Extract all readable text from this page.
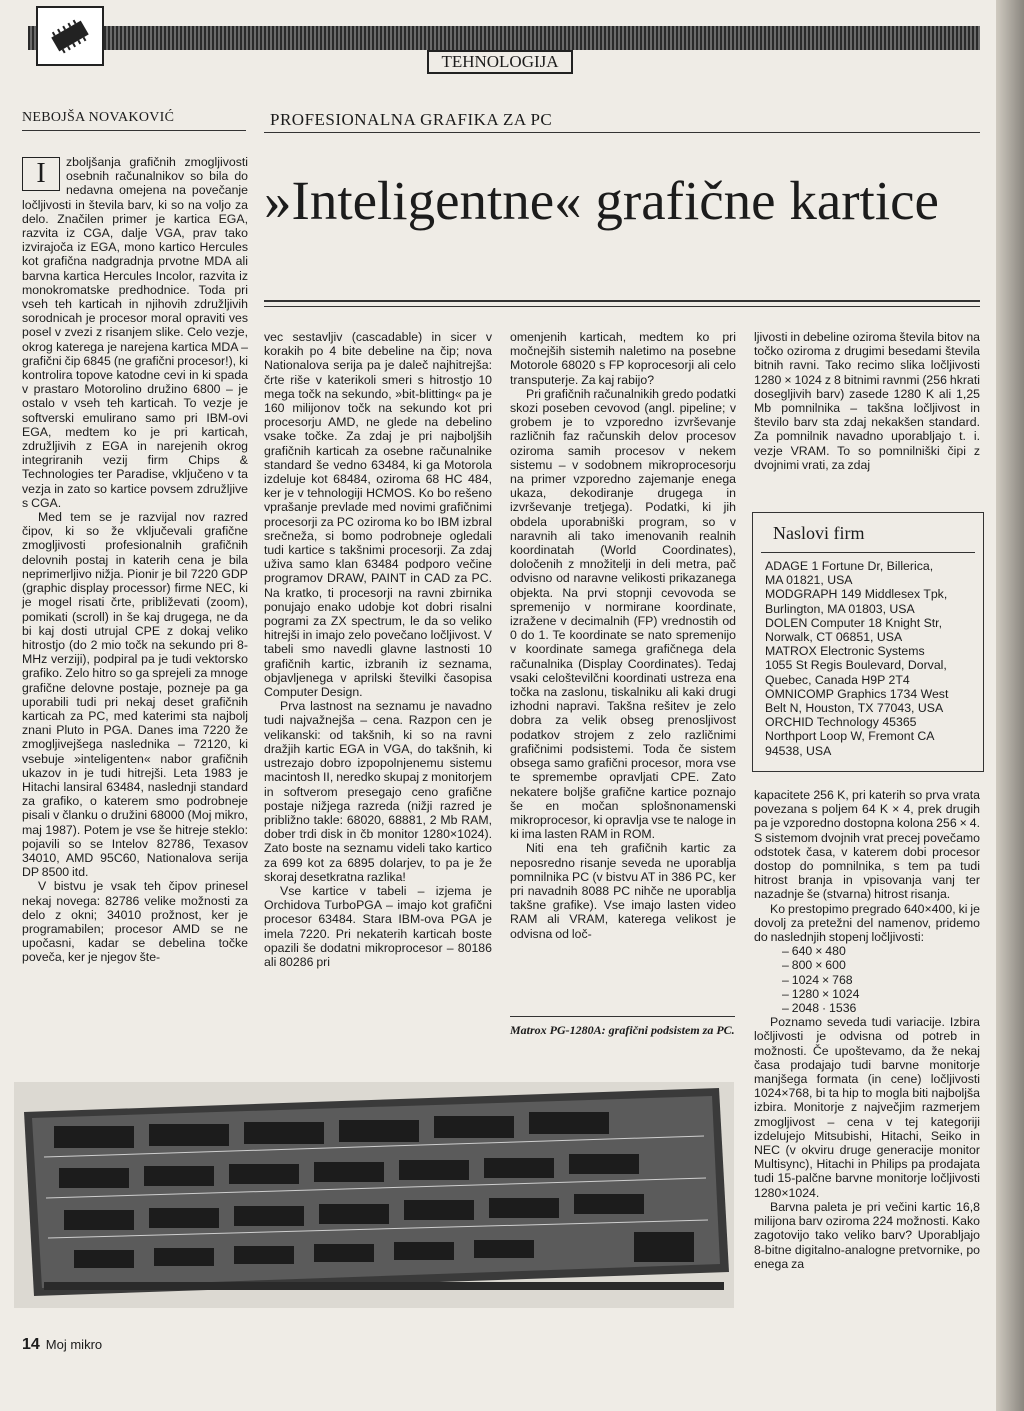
TEHNOLOGIJA
NEBOJŠA NOVAKOVIĆ	PROFESIONALNA GRAFIKA ZA PC
»Inteligentne« grafične kartice

I	zboljšanja grafičnih zmogljivosti osebnih računalnikov so bila do nedavna omejena na povečanje ločljivosti in števila barv, ki so na voljo za delo. Značilen primer je kartica EGA, razvita iz CGA, dalje VGA, prav tako izvirajoča iz EGA, mono kartico Hercules kot grafična nadgradnja prvotne MDA ali barvna kartica Hercules Incolor, razvita iz monokromatske predhodnice. Toda pri vseh teh karticah in njihovih združljivih sorodnicah je procesor moral opraviti ves posel v zvezi z risanjem slike. Celo vezje, okrog katerega je narejena kartica MDA – grafični čip 6845 (ne grafični procesor!), ki kontrolira topove katodne cevi in ki spada v prastaro Motorolino družino 6800 – je ostalo v vseh teh karticah. To vezje je softverski emulirano samo pri IBM-ovi EGA, medtem ko je pri karticah, združljivih z EGA in narejenih okrog integriranih vezij firm Chips & Technologies ter Paradise, vključeno v ta vezja in zato so kartice povsem združljive s CGA.

Med tem se je razvijal nov razred čipov, ki so že vključevali grafične zmogljivosti profesionalnih grafičnih delovnih postaj in katerih cena je bila neprimerljivo nižja. Pionir je bil 7220 GDP (graphic display processor) firme NEC, ki je mogel risati črte, približevati (zoom), pomikati (scroll) in še kaj drugega, ne da bi kaj dosti utrujal CPE z dokaj veliko hitrostjo (do 2 mio točk na sekundo pri 8-MHz verziji), podpiral pa je tudi vektorsko grafiko. Zelo hitro so ga sprejeli za mnoge grafične delovne postaje, pozneje pa ga uporabili tudi pri nekaj deset grafičnih karticah za PC, med katerimi sta najbolj znani Pluto in PGA. Danes ima 7220 že zmogljivejšega naslednika – 72120, ki vsebuje »inteligenten« nabor grafičnih ukazov in je tudi hitrejši. Leta 1983 je Hitachi lansiral 63484, naslednji standard za grafiko, o katerem smo podrobneje pisali v članku o družini 68000 (Moj mikro, maj 1987). Potem je vse še hitreje steklo: pojavili so se Intelov 82786, Texasov 34010, AMD 95C60, Nationalova serija DP 8500 itd.

V bistvu je vsak teh čipov prinesel nekaj novega: 82786 velike možnosti za delo z okni; 34010 prožnost, ker je programabilen; procesor AMD se ne upočasni, kadar se debelina točke poveča, ker je njegov šte-

vec sestavljiv (cascadable) in sicer v korakih po 4 bite debeline na čip; nova Nationalova serija pa je daleč najhitrejša: črte riše v katerikoli smeri s hitrostjo 10 mega točk na sekundo, »bit-blitting« pa je 160 milijonov točk na sekundo kot pri procesorju AMD, ne glede na debelino vsake točke. Za zdaj je pri najboljših grafičnih karticah za osebne računalnike standard še vedno 63484, ki ga Motorola izdeluje kot 68484, oziroma 68 HC 484, ker je v tehnologiji HCMOS. Ko bo rešeno vprašanje prevlade med novimi grafičnimi procesorji za PC oziroma ko bo IBM izbral srečneža, si bomo podrobneje ogledali tudi kartice s takšnimi procesorji. Za zdaj uživa samo klan 63484 podporo večine programov DRAW, PAINT in CAD za PC. Na kratko, ti procesorji na ravni zbirnika ponujajo enako udobje kot dobri risalni pogrami za ZX spectrum, le da so veliko hitrejši in imajo zelo povečano ločljivost. V tabeli smo navedli glavne lastnosti 10 grafičnih kartic, izbranih iz seznama, objavljenega v aprilski številki časopisa Computer Design.

Prva lastnost na seznamu je navadno tudi najvažnejša – cena. Razpon cen je velikanski: od takšnih, ki so na ravni dražjih kartic EGA in VGA, do takšnih, ki ustrezajo dobro izpopolnjenemu sistemu macintosh II, neredko skupaj z monitorjem in softverom presegajo ceno grafične postaje nižjega razreda (nižji razred je približno takle: 68020, 68881, 2 Mb RAM, dober trdi disk in čb monitor 1280×1024). Zato boste na seznamu videli tako kartico za 699 kot za 6895 dolarjev, to pa je že skoraj desetkratna razlika!

Vse kartice v tabeli – izjema je Orchidova TurboPGA – imajo kot grafični procesor 63484. Stara IBM-ova PGA je imela 7220. Pri nekaterih karticah boste opazili še dodatni mikroprocesor – 80186 ali 80286 pri

omenjenih karticah, medtem ko pri močnejših sistemih naletimo na posebne Motorole 68020 s FP koprocesorji ali celo transputerje. Za kaj rabijo?

Pri grafičnih računalnikih gredo podatki skozi poseben cevovod (angl. pipeline; v grobem je to vzporedno izvrševanje različnih faz računskih delov procesov oziroma samih procesov v nekem sistemu – v sodobnem mikroprocesorju na primer vzporedno zajemanje enega ukaza, dekodiranje drugega in izvrševanje tretjega). Podatki, ki jih obdela uporabniški program, so v naravnih ali tako imenovanih realnih koordinatah (World Coordinates), določenih z množitelji in deli metra, pač odvisno od naravne velikosti prikazanega objekta. Na prvi stopnji cevovoda se spremenijo v normirane koordinate, izražene v decimalnih (FP) vrednostih od 0 do 1. Te koordinate se nato spremenijo v koordinate samega grafičnega dela računalnika (Display Coordinates). Tedaj vsaki celoštevilčni koordinati ustreza ena točka na zaslonu, tiskalniku ali kaki drugi izhodni napravi. Takšna rešitev je zelo dobra za velik obseg prenosljivost podatkov strojem z zelo različnimi grafičnimi podsistemi. Toda če sistem obsega samo grafični procesor, mora vse te spremembe opravljati CPE. Zato nekatere boljše grafične kartice poznajo še en močan splošnonamenski mikroprocesor, ki opravlja vse te naloge in ki ima lasten RAM in ROM.

Niti ena teh grafičnih kartic za neposredno risanje seveda ne uporablja pomnilnika PC (v bistvu AT in 386 PC, ker pri navadnih 8088 PC nihče ne uporablja takšne grafike). Vse imajo lasten video RAM ali VRAM, katerega velikost je odvisna od loč-

Matrox PG-1280A: grafični podsistem za PC.

ljivosti in debeline oziroma števila bitov na točko oziroma z drugimi besedami števila bitnih ravni. Tako recimo slika ločljivosti 1280 × 1024 z 8 bitnimi ravnmi (256 hkrati dosegljivih barv) zasede 1280 K ali 1,25 Mb pomnilnika – takšna ločljivost in število barv sta zdaj nekakšen standard. Za pomnilnik navadno uporabljajo t. i. vezje VRAM. To so pomnilniški čipi z dvojnimi vrati, za zdaj

Naslovi firm
ADAGE 1 Fortune Dr, Billerica,
MA 01821, USA
MODGRAPH 149 Middlesex Tpk,
Burlington, MA 01803, USA
DOLEN Computer 18 Knight Str,
Norwalk, CT 06851, USA
MATROX Electronic Systems
1055 St Regis Boulevard, Dorval,
Quebec, Canada H9P 2T4
OMNICOMP Graphics 1734 West
Belt N, Houston, TX 77043, USA
ORCHID Technology 45365
Northport Loop W, Fremont CA
94538, USA

kapacitete 256 K, pri katerih so prva vrata povezana s poljem 64 K × 4, prek drugih pa je vzporedno dostopna kolona 256 × 4. S sistemom dvojnih vrat precej povečamo odstotek časa, v katerem dobi procesor dostop do pomnilnika, s tem pa tudi hitrost branja in vpisovanja vanj ter nazadnje še (stvarna) hitrost risanja.

Ko prestopimo pregrado 640×400, ki je dovolj za pretežni del namenov, pridemo do naslednjih stopenj ločljivosti:

– 640 × 480
– 800 × 600
– 1024 × 768
– 1280 × 1024
– 2048 · 1536

Poznamo seveda tudi variacije. Izbira ločljivosti je odvisna od potreb in možnosti. Če upoštevamo, da že nekaj časa prodajajo tudi barvne monitorje manjšega formata (in cene) ločljivosti 1024×768, bi ta hip to mogla biti najboljša izbira. Monitorje z največjim razmerjem zmogljivost – cena v tej kategoriji izdelujejo Mitsubishi, Hitachi, Seiko in NEC (v okviru druge generacije monitor Multisync), Hitachi in Philips pa prodajata tudi 15-palčne barvne monitorje ločljivosti 1280×1024.

Barvna paleta je pri večini kartic 16,8 milijona barv oziroma 224 možnosti. Kako zagotovijo tako veliko barv? Uporabljajo 8-bitne digitalno-analogne pretvornike, po enega za

14 Moj mikro
